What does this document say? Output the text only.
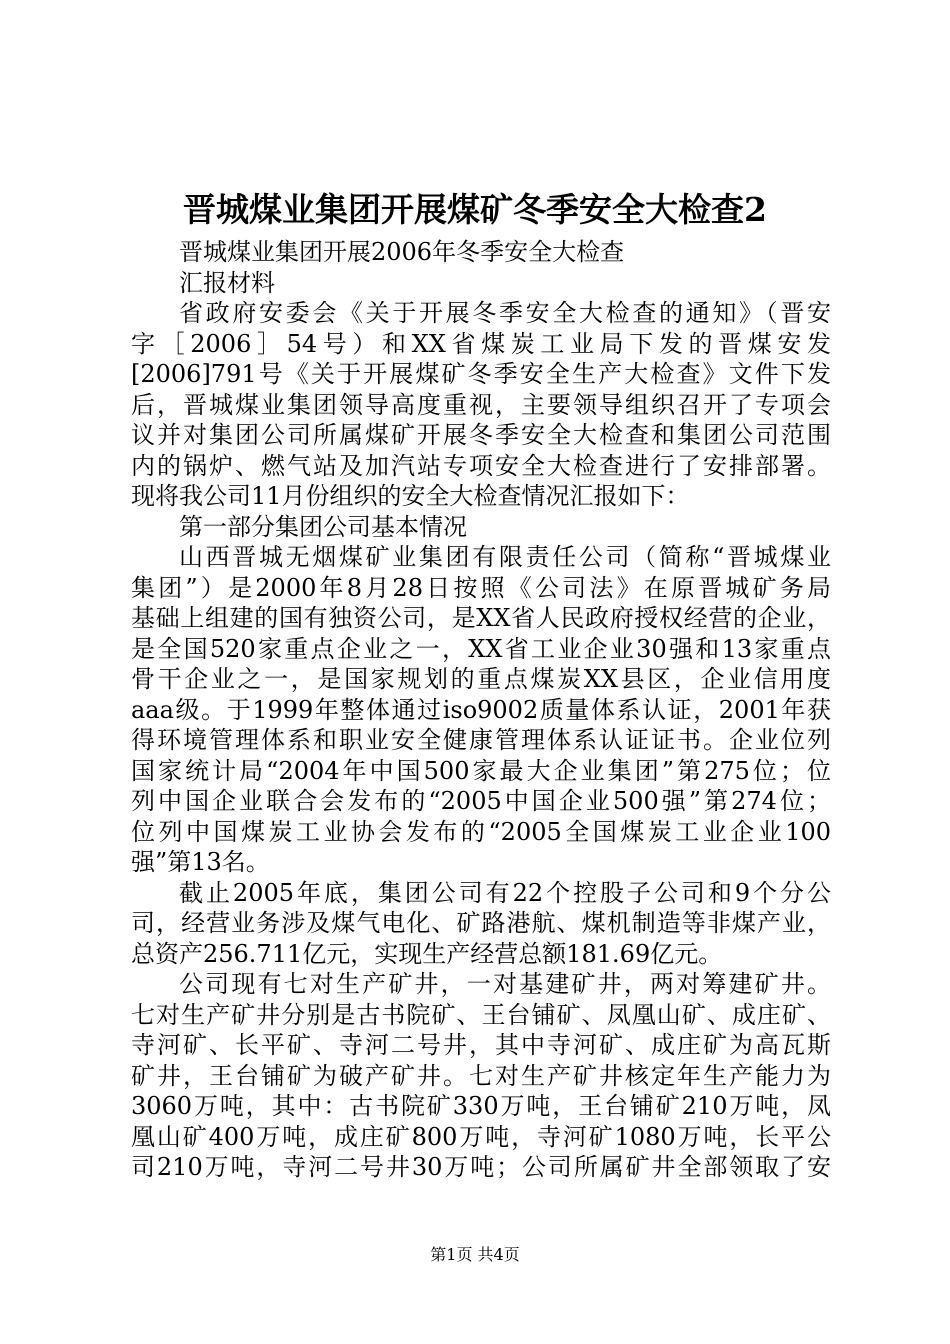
晋城煤业集团开展煤矿冬季安全大检查2
晋城煤业集团开展2006年冬季安全大检查
汇报材料
省政府安委会《关于开展冬季安全大检查的通知》（晋安
字［2006］54号）和XX省煤炭工业局下发的晋煤安发
[2006]791号《关于开展煤矿冬季安全生产大检查》文件下发
后，晋城煤业集团领导高度重视，主要领导组织召开了专项会
议并对集团公司所属煤矿开展冬季安全大检查和集团公司范围
内的锅炉、燃气站及加汽站专项安全大检查进行了安排部署。
现将我公司11月份组织的安全大检查情况汇报如下：
第一部分集团公司基本情况
山西晋城无烟煤矿业集团有限责任公司（简称“晋城煤业
集团”）是2000年8月28日按照《公司法》在原晋城矿务局
基础上组建的国有独资公司，是XX省人民政府授权经营的企业，
是全国520家重点企业之一，XX省工业企业30强和13家重点
骨干企业之一，是国家规划的重点煤炭XX县区，企业信用度
aaa级。于1999年整体通过iso9002质量体系认证，2001年获
得环境管理体系和职业安全健康管理体系认证证书。企业位列
国家统计局“2004年中国500家最大企业集团”第275位；位
列中国企业联合会发布的“2005中国企业500强”第274位；
位列中国煤炭工业协会发布的“2005全国煤炭工业企业100
强”第13名。
截止2005年底，集团公司有22个控股子公司和9个分公
司，经营业务涉及煤气电化、矿路港航、煤机制造等非煤产业，
总资产256.711亿元，实现生产经营总额181.69亿元。
公司现有七对生产矿井，一对基建矿井，两对筹建矿井。
七对生产矿井分别是古书院矿、王台铺矿、凤凰山矿、成庄矿、
寺河矿、长平矿、寺河二号井，其中寺河矿、成庄矿为高瓦斯
矿井，王台铺矿为破产矿井。七对生产矿井核定年生产能力为
3060万吨，其中：古书院矿330万吨，王台铺矿210万吨，凤
凰山矿400万吨，成庄矿800万吨，寺河矿1080万吨，长平公
司210万吨，寺河二号井30万吨；公司所属矿井全部领取了安
第1页 共4页
